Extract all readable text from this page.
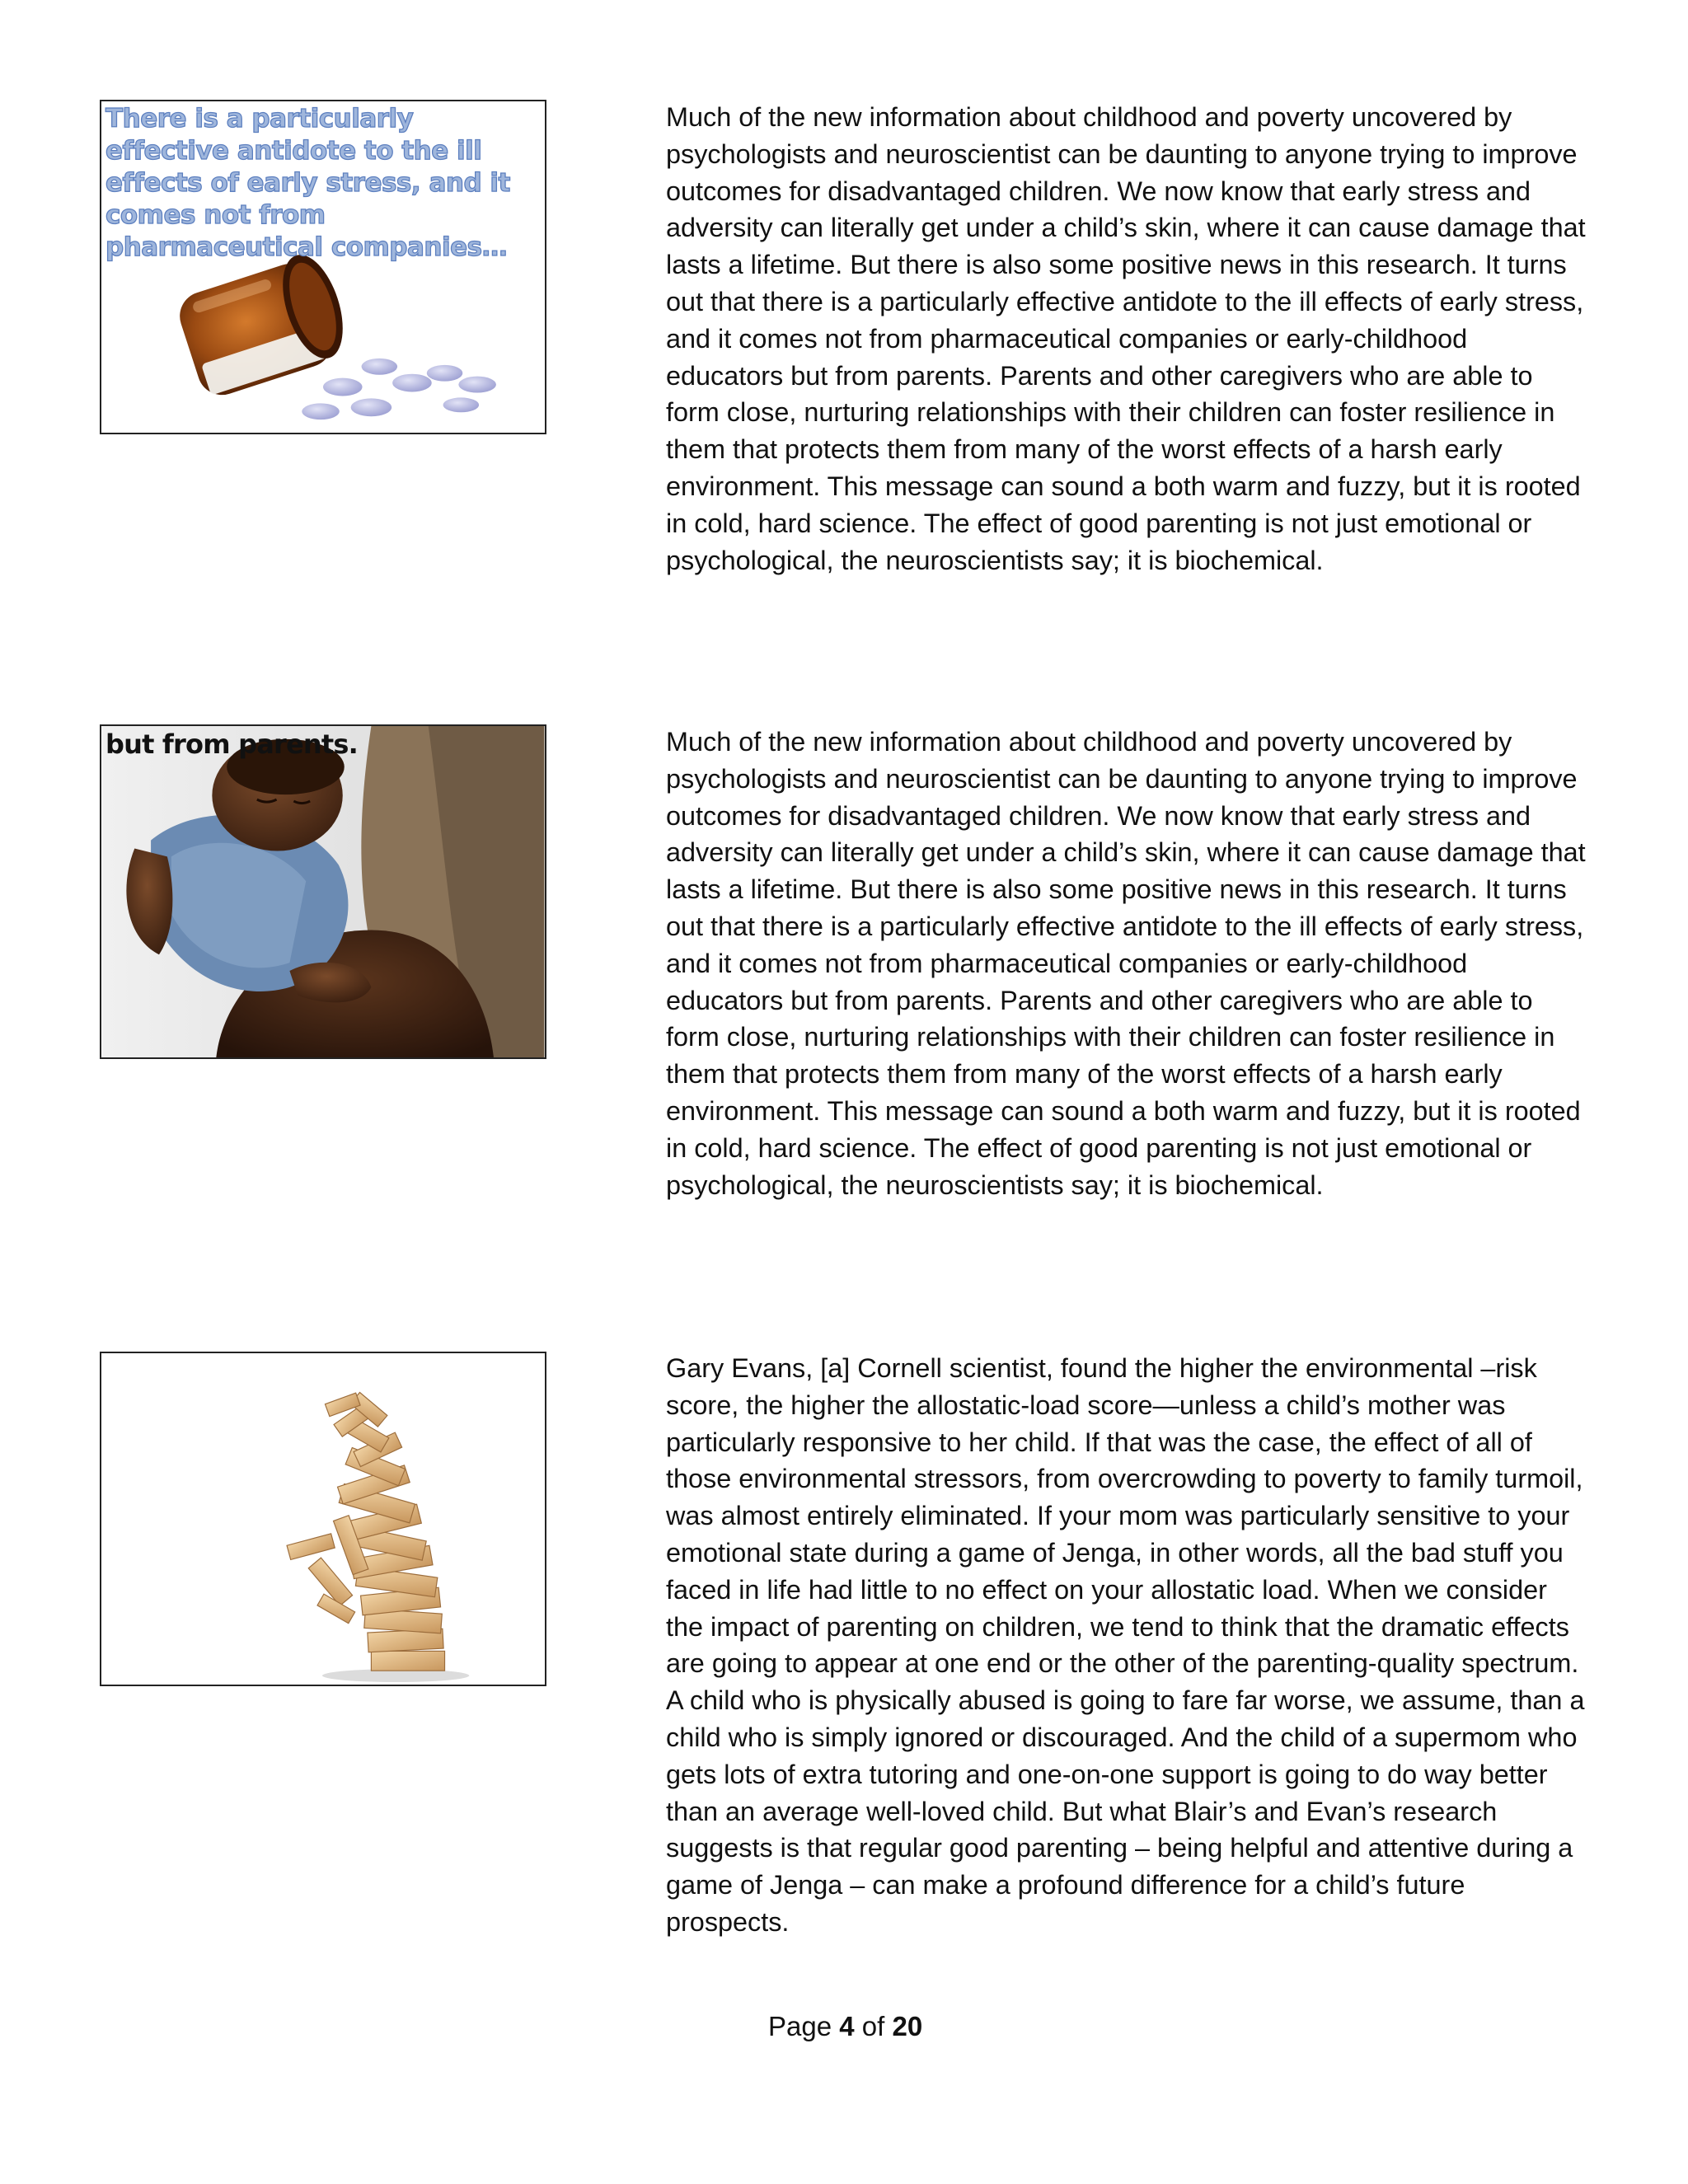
There is a particularly effective antidote to the ill effects of early stress, and it comes not from pharmaceutical companies…

Much of the new information about childhood and poverty uncovered by psychologists and neuroscientist can be daunting to anyone trying to improve outcomes for disadvantaged children. We now know that early stress and adversity can literally get under a child’s skin, where it can cause damage that lasts a lifetime. But there is also some positive news in this research. It turns out that there is a particularly effective antidote to the ill effects of early stress, and it comes not from pharmaceutical companies or early-childhood educators but from parents. Parents and other caregivers who are able to form close, nurturing relationships with their children can foster resilience in them that protects them from many of the worst effects of a harsh early environment. This message can sound a both warm and fuzzy, but it is rooted in cold, hard science. The effect of good parenting is not just emotional or psychological, the neuroscientists say; it is biochemical.

but from parents.	Much of the new information about childhood and poverty uncovered by psychologists and neuroscientist can be daunting to anyone trying to improve outcomes for disadvantaged children. We now know that early stress and adversity can literally get under a child’s skin, where it can cause damage that lasts a lifetime. But there is also some positive news in this research. It turns out that there is a particularly effective antidote to the ill effects of early stress, and it comes not from pharmaceutical companies or early-childhood educators but from parents. Parents and other caregivers who are able to form close, nurturing relationships with their children can foster resilience in them that protects them from many of the worst effects of a harsh early environment. This message can sound a both warm and fuzzy, but it is rooted in cold, hard science. The effect of good parenting is not just emotional or psychological, the neuroscientists say; it is biochemical.

Gary Evans, [a] Cornell scientist, found the higher the environmental –risk score, the higher the allostatic-load score—unless a child’s mother was particularly responsive to her child. If that was the case, the effect of all of those environmental stressors, from overcrowding to poverty to family turmoil, was almost entirely eliminated. If your mom was particularly sensitive to your emotional state during a game of Jenga, in other words, all the bad stuff you faced in life had little to no effect on your allostatic load. When we consider the impact of parenting on children, we tend to think that the dramatic effects are going to appear at one end or the other of the parenting-quality spectrum. A child who is physically abused is going to fare far worse, we assume, than a child who is simply ignored or discouraged. And the child of a supermom who gets lots of extra tutoring and one-on-one support is going to do way better than an average well-loved child. But what Blair’s and Evan’s research suggests is that regular good parenting – being helpful and attentive during a game of Jenga – can make a profound difference for a child’s future prospects.

Page 4 of 20
